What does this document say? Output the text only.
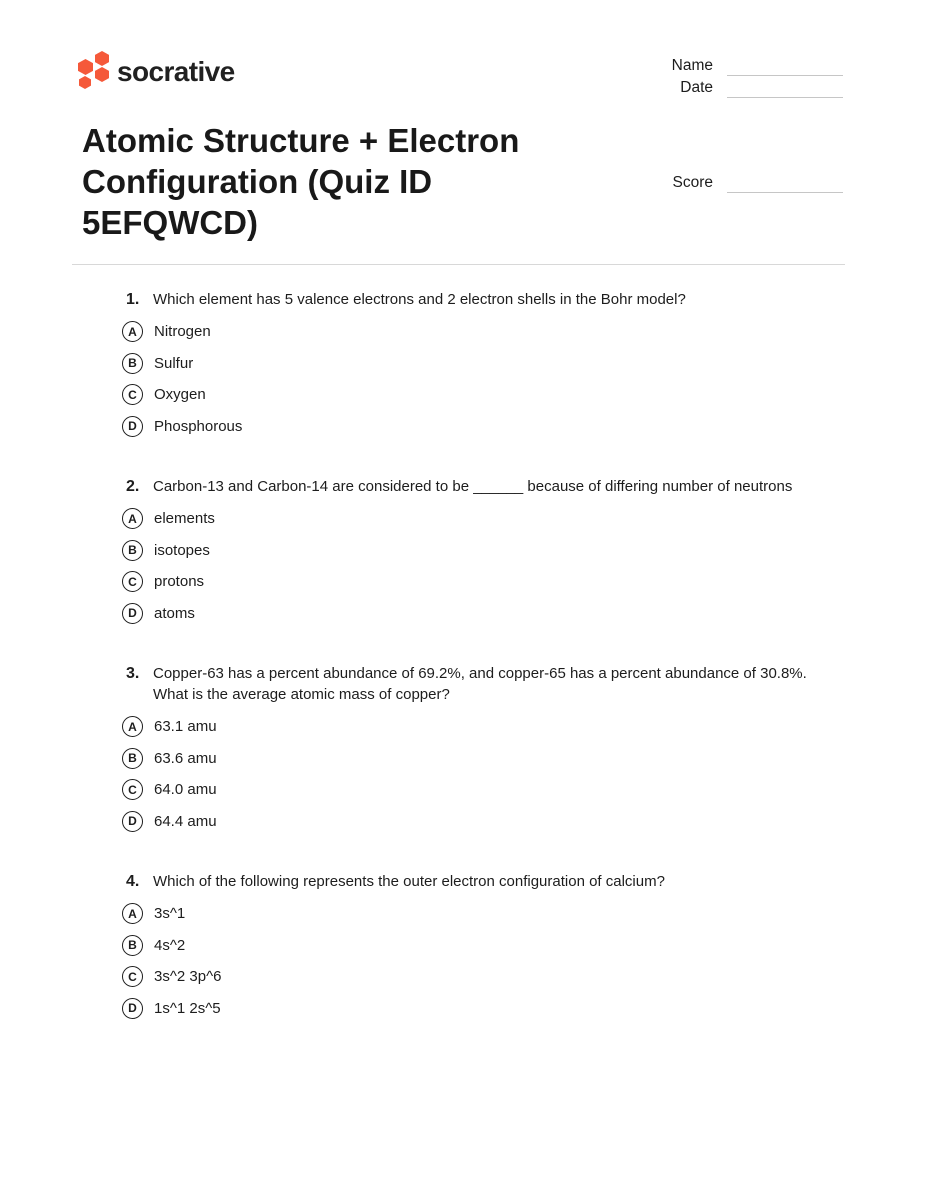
socrative	Name
Date
Score
Atomic Structure + Electron
Configuration (Quiz ID
5EFQWCD)
1. Which element has 5 valence electrons and 2 electron shells in the Bohr model?
A	Nitrogen
B	Sulfur
C	Oxygen
D	Phosphorous
2. Carbon-13 and Carbon-14 are considered to be ______ because of differing number of neutrons
A	elements
B	isotopes
C	protons
D	atoms
3. Copper-63 has a percent abundance of 69.2%, and copper-65 has a percent abundance of 30.8%. What is the average atomic mass of copper?
A	63.1 amu
B	63.6 amu
C	64.0 amu
D	64.4 amu
4. Which of the following represents the outer electron configuration of calcium?
A	3s^1
B	4s^2
C	3s^2 3p^6
D	1s^1 2s^5
